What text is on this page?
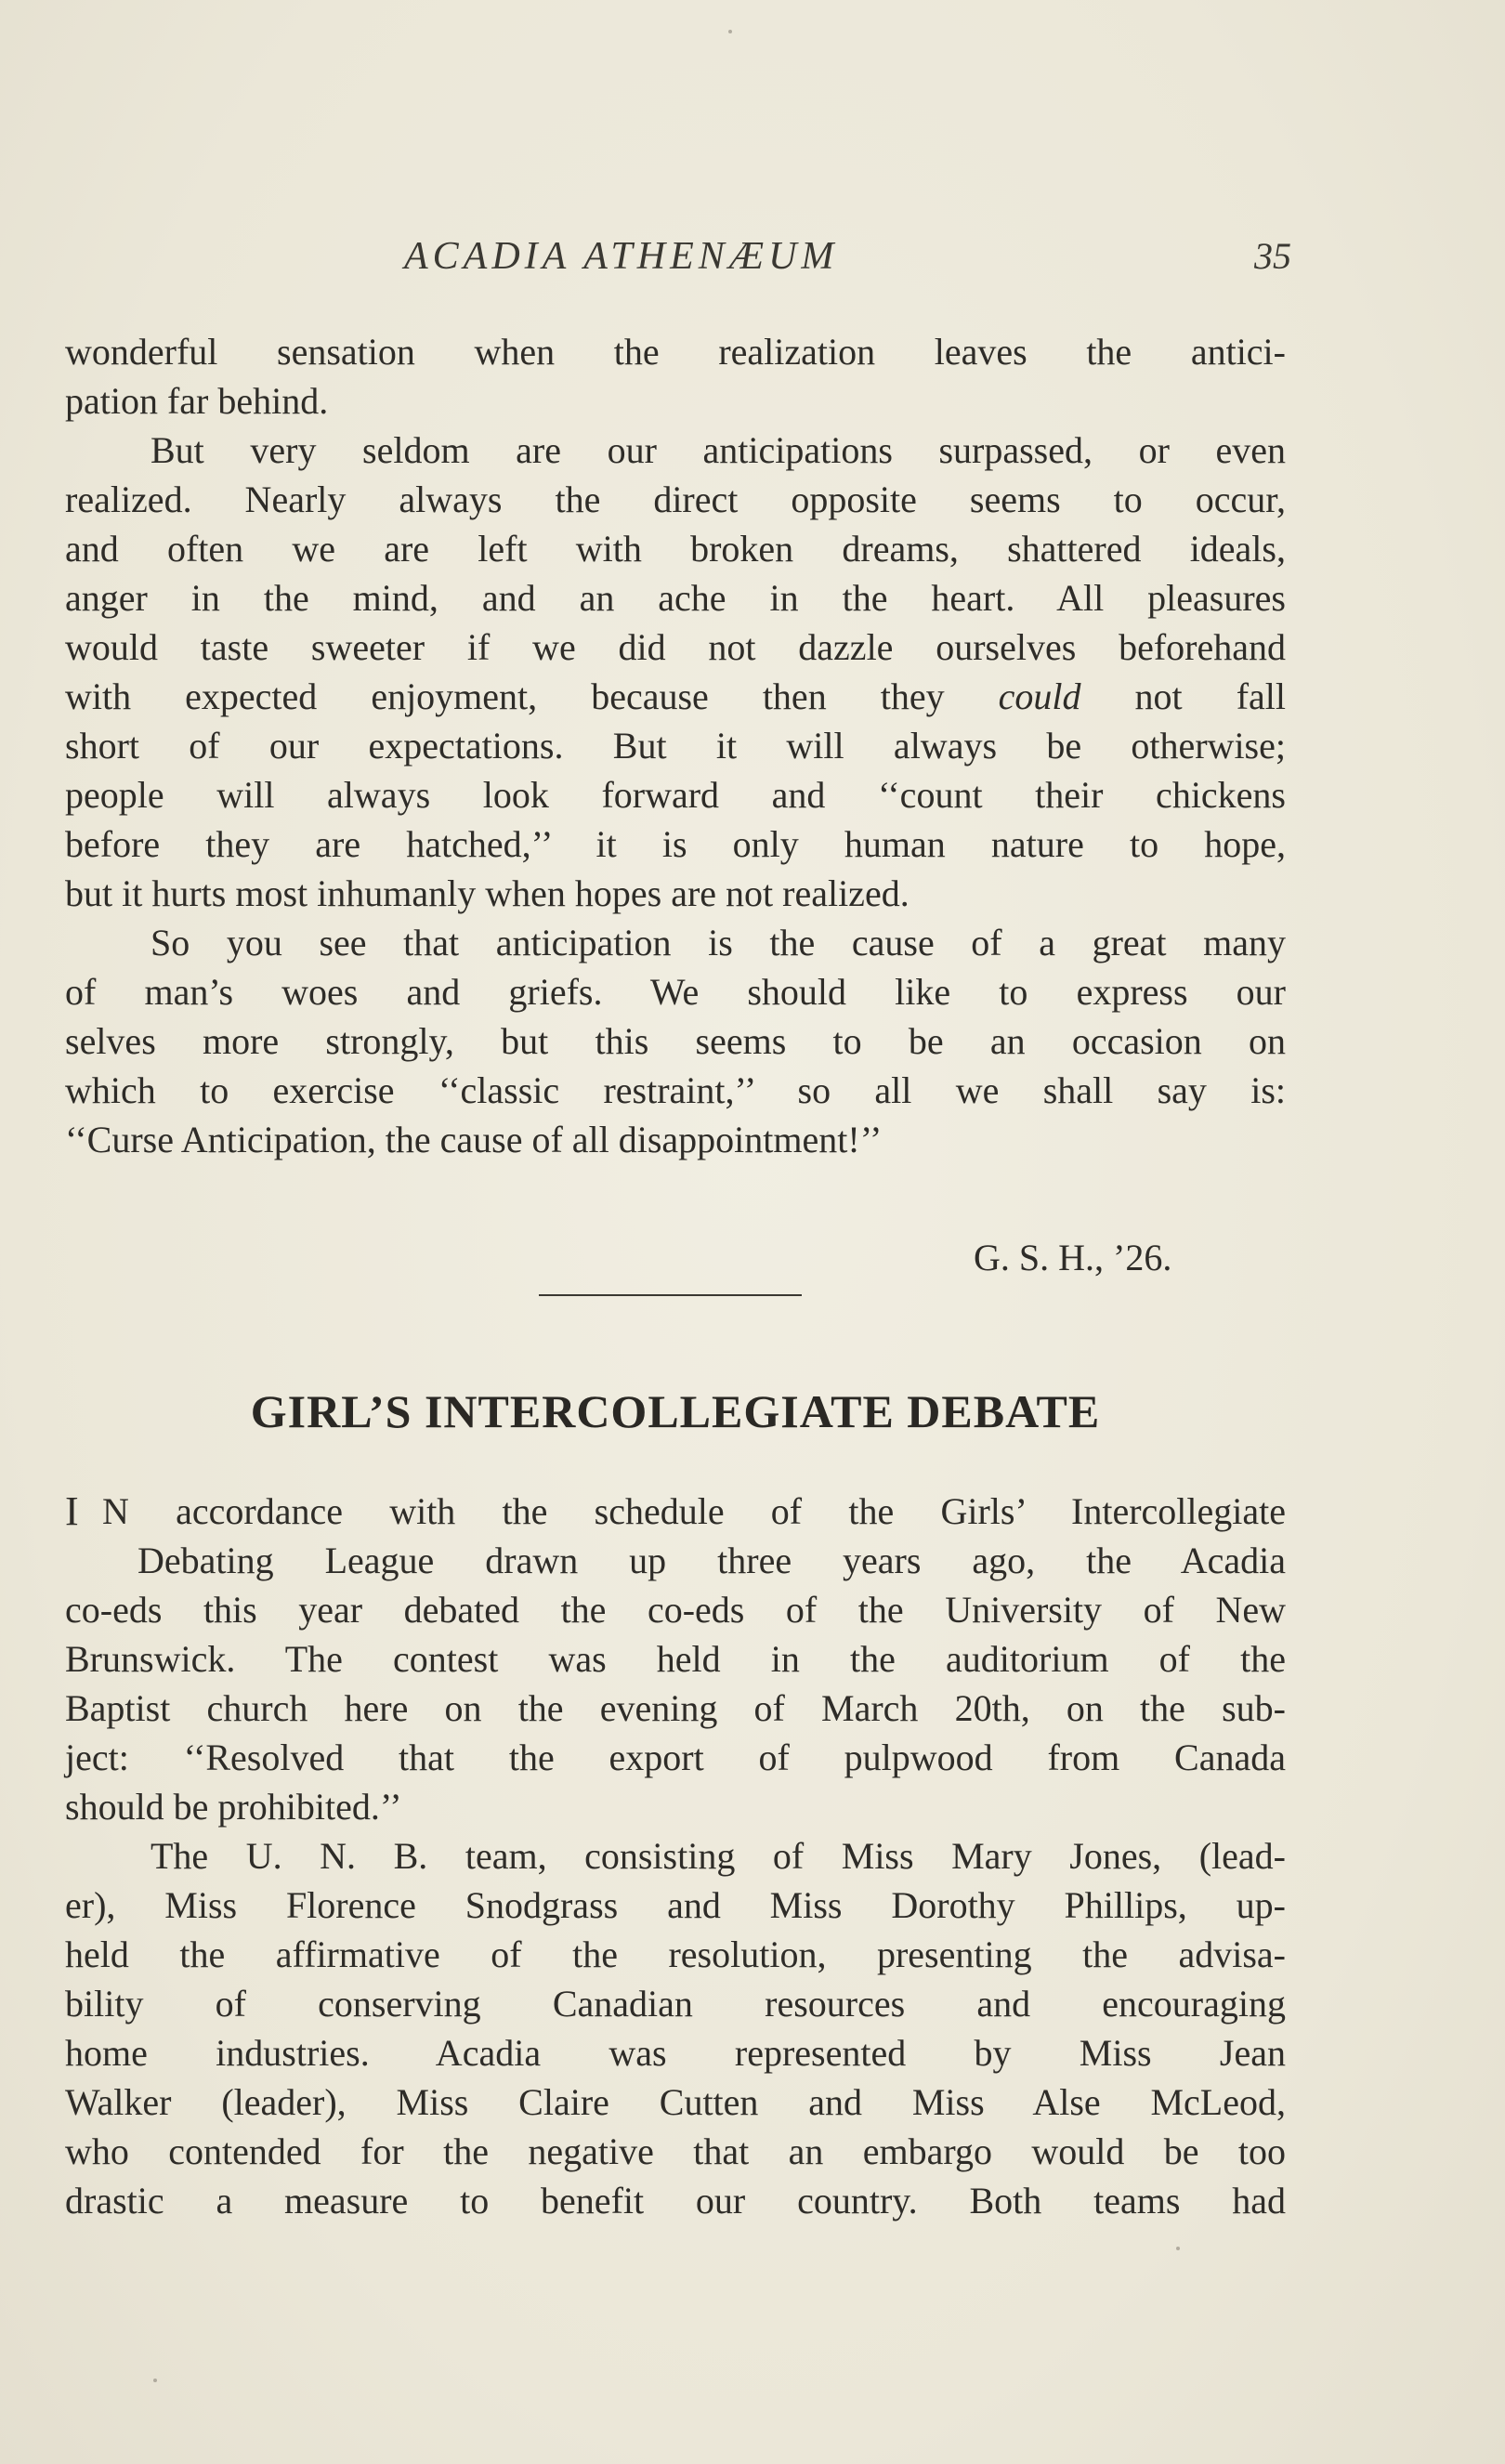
ACADIA ATHENÆUM	35
wonderful sensation when the realization leaves the antici-
pation far behind.
But very seldom are our anticipations surpassed, or even
realized. Nearly always the direct opposite seems to occur,
and often we are left with broken dreams, shattered ideals,
anger in the mind, and an ache in the heart. All pleasures
would taste sweeter if we did not dazzle ourselves beforehand
with expected enjoyment, because then they could not fall
short of our expectations. But it will always be otherwise;
people will always look forward and ‘‘count their chickens
before they are hatched,’’ it is only human nature to hope,
but it hurts most inhumanly when hopes are not realized.
So you see that anticipation is the cause of a great many
of man’s woes and griefs. We should like to express our
selves more strongly, but this seems to be an occasion on
which to exercise ‘‘classic restraint,’’ so all we shall say is:
‘‘Curse Anticipation, the cause of all disappointment!’’
G. S. H., ’26.
GIRL’S INTERCOLLEGIATE DEBATE
I N accordance with the schedule of the Girls’ Intercollegiate
Debating League drawn up three years ago, the Acadia
co-eds this year debated the co-eds of the University of New
Brunswick. The contest was held in the auditorium of the
Baptist church here on the evening of March 20th, on the sub-
ject: ‘‘Resolved that the export of pulpwood from Canada
should be prohibited.’’
The U. N. B. team, consisting of Miss Mary Jones, (lead-
er), Miss Florence Snodgrass and Miss Dorothy Phillips, up-
held the affirmative of the resolution, presenting the advisa-
bility of conserving Canadian resources and encouraging
home industries. Acadia was represented by Miss Jean
Walker (leader), Miss Claire Cutten and Miss Alse McLeod,
who contended for the negative that an embargo would be too
drastic a measure to benefit our country. Both teams had
